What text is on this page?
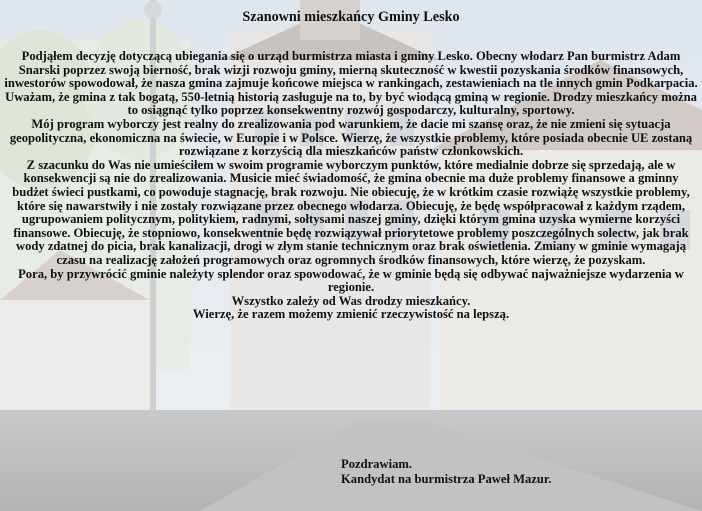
Szanowni mieszkańcy Gminy Lesko

Podjąłem decyzję dotyczącą ubiegania się o urząd burmistrza miasta i gminy Lesko. Obecny włodarz Pan burmistrz Adam Snarski poprzez swoją bierność, brak wizji rozwoju gminy, mierną skuteczność w kwestii pozyskania środków finansowych, inwestorów spowodował, że nasza gmina zajmuje końcowe miejsca w rankingach, zestawieniach na tle innych gmin Podkarpacia. Uważam, że gmina z tak bogatą, 550-letnią historią zasługuje na to, by być wiodącą gminą w regionie. Drodzy mieszkańcy można to osiągnąć tylko poprzez konsekwentny rozwój gospodarczy, kulturalny, sportowy.

Mój program wyborczy jest realny do zrealizowania pod warunkiem, że dacie mi szansę oraz, że nie zmieni się sytuacja geopolityczna, ekonomiczna na świecie, w Europie i w Polsce. Wierzę, że wszystkie problemy, które posiada obecnie UE zostaną rozwiązane z korzyścią dla mieszkańców państw członkowskich.

Z szacunku do Was nie umieściłem w swoim programie wyborczym punktów, które medialnie dobrze się sprzedają, ale w konsekwencji są nie do zrealizowania. Musicie mieć świadomość, że gmina obecnie ma duże problemy finansowe a gminny budżet świeci pustkami, co powoduje stagnację, brak rozwoju. Nie obiecuję, że w krótkim czasie rozwiążę wszystkie problemy, które się nawarstwiły i nie zostały rozwiązane przez obecnego włodarza. Obiecuję, że będę współpracował z każdym rządem, ugrupowaniem politycznym, politykiem, radnymi, sołtysami naszej gminy, dzięki którym gmina uzyska wymierne korzyści finansowe. Obiecuję, że stopniowo, konsekwentnie będę rozwiązywał priorytetowe problemy poszczególnych solectw, jak brak wody zdatnej do picia, brak kanalizacji, drogi w złym stanie technicznym oraz brak oświetlenia. Zmiany w gminie wymagają czasu na realizację założeń programowych oraz ogromnych środków finansowych, które wierzę, że pozyskam.

Pora, by przywrócić gminie należyty splendor oraz spowodować, że w gminie będą się odbywać najważniejsze wydarzenia w regionie.

Wszystko zależy od Was drodzy mieszkańcy.

Wierzę, że razem możemy zmienić rzeczywistość na lepszą.

Pozdrawiam.

Kandydat na burmistrza Paweł Mazur.
